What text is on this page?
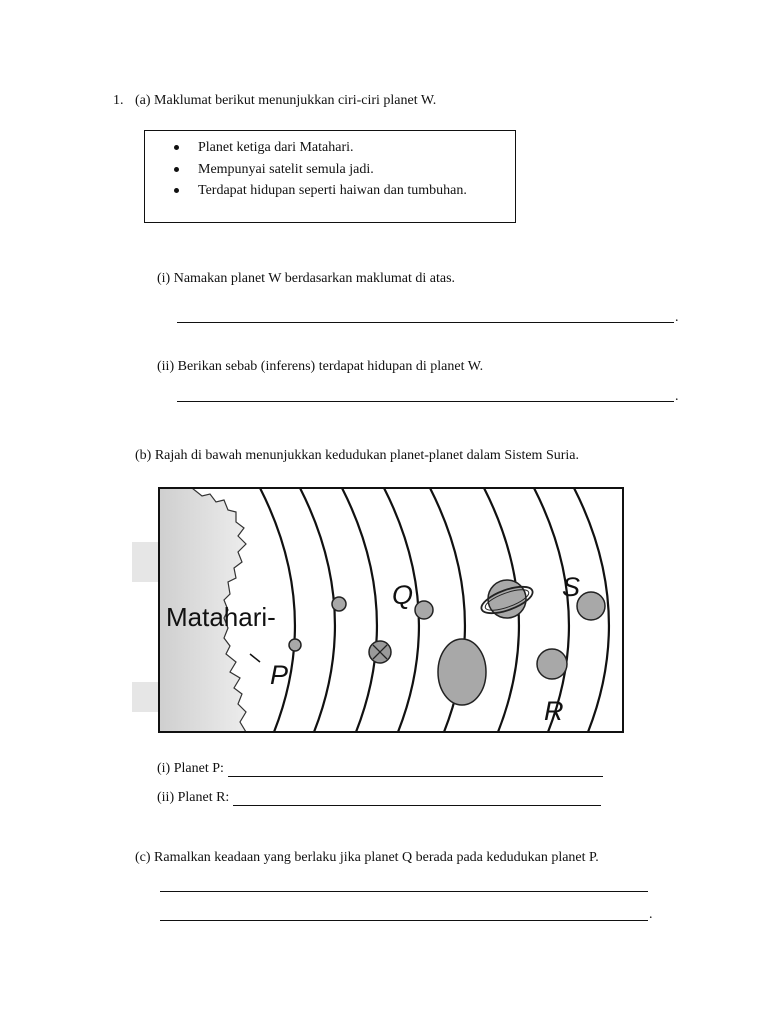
1. (a) Maklumat berikut menunjukkan ciri-ciri planet W.
Planet ketiga dari Matahari.
Mempunyai satelit semula jadi.
Terdapat hidupan seperti haiwan dan tumbuhan.
(i) Namakan planet W berdasarkan maklumat di atas.
.
(ii) Berikan sebab (inferens) terdapat hidupan di planet W.
.
(b) Rajah di bawah menunjukkan kedudukan planet-planet dalam Sistem Suria.
Matahari-
P
Q
R
S
(i) Planet P:
(ii) Planet R:
(c) Ramalkan keadaan yang berlaku jika planet Q berada pada kedudukan planet P.
.
